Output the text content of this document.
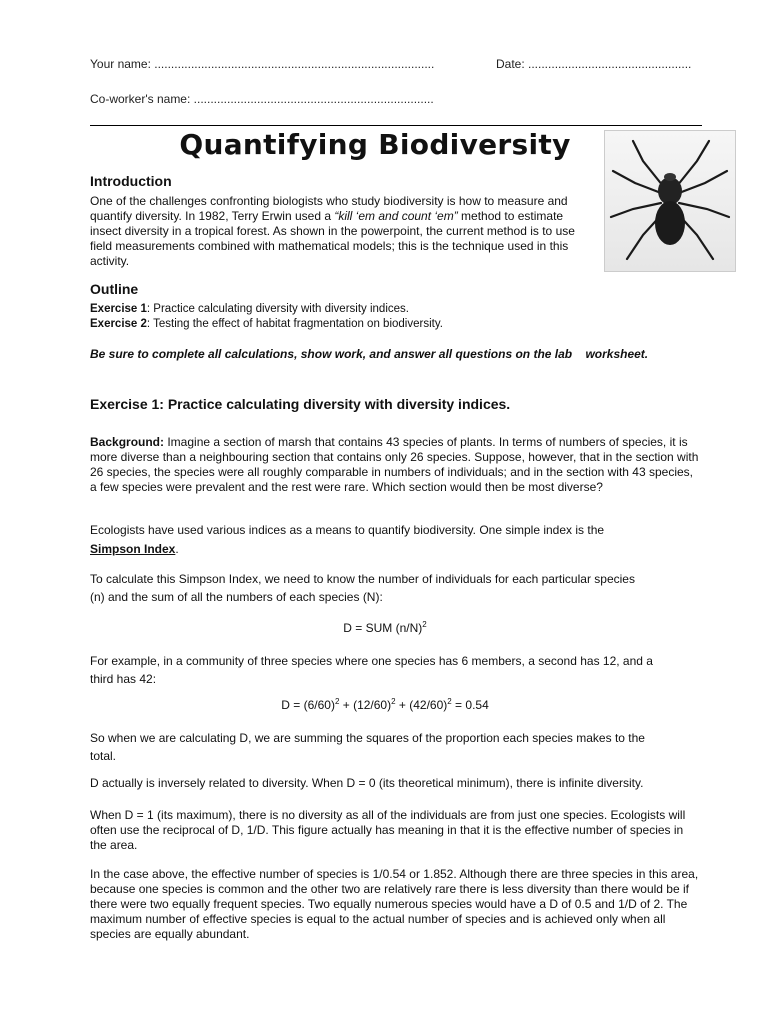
Your name: ....................................................................................	Date: .................................................
Co-worker's name: ........................................................................
Quantifying Biodiversity
Introduction
One of the challenges confronting biologists who study biodiversity is how to measure and quantify diversity. In 1982, Terry Erwin used a “kill ‘em and count ‘em” method to estimate insect diversity in a tropical forest. As shown in the powerpoint, the current method is to use field measurements combined with mathematical models; this is the technique used in this activity.
Outline
Exercise 1: Practice calculating diversity with diversity indices.
Exercise 2: Testing the effect of habitat fragmentation on biodiversity.
Be sure to complete all calculations, show work, and answer all questions on the lab    worksheet.
Exercise 1: Practice calculating diversity with diversity indices.
Background: Imagine a section of marsh that contains 43 species of plants. In terms of numbers of species, it is more diverse than a neighbouring section that contains only 26 species. Suppose, however, that in the section with 26 species, the species were all roughly comparable in numbers of individuals; and in the section with 43 species, a few species were prevalent and the rest were rare. Which section would then be most diverse?
Ecologists have used various indices as a means to quantify biodiversity. One simple index is the
Simpson Index.
To calculate this Simpson Index, we need to know the number of individuals for each particular species
(n) and the sum of all the numbers of each species (N):
D = SUM $(n/N)^2$
For example, in a community of three species where one species has 6 members, a second has 12, and a
third has 42:
$D = (6/60)^2 + (12/60)^2 + (42/60)^2 = 0.54$
So when we are calculating D, we are summing the squares of the proportion each species makes to the
total.
D actually is inversely related to diversity. When D = 0 (its theoretical minimum), there is infinite diversity.
When D = 1 (its maximum), there is no diversity as all of the individuals are from just one species. Ecologists will often use the reciprocal of D, 1/D. This figure actually has meaning in that it is the effective number of species in the area.
In the case above, the effective number of species is 1/0.54 or 1.852. Although there are three species in this area, because one species is common and the other two are relatively rare there is less diversity than there would be if there were two equally frequent species. Two equally numerous species would have a D of 0.5 and 1/D of 2. The maximum number of effective species is equal to the actual number of species and is achieved only when all species are equally abundant.
